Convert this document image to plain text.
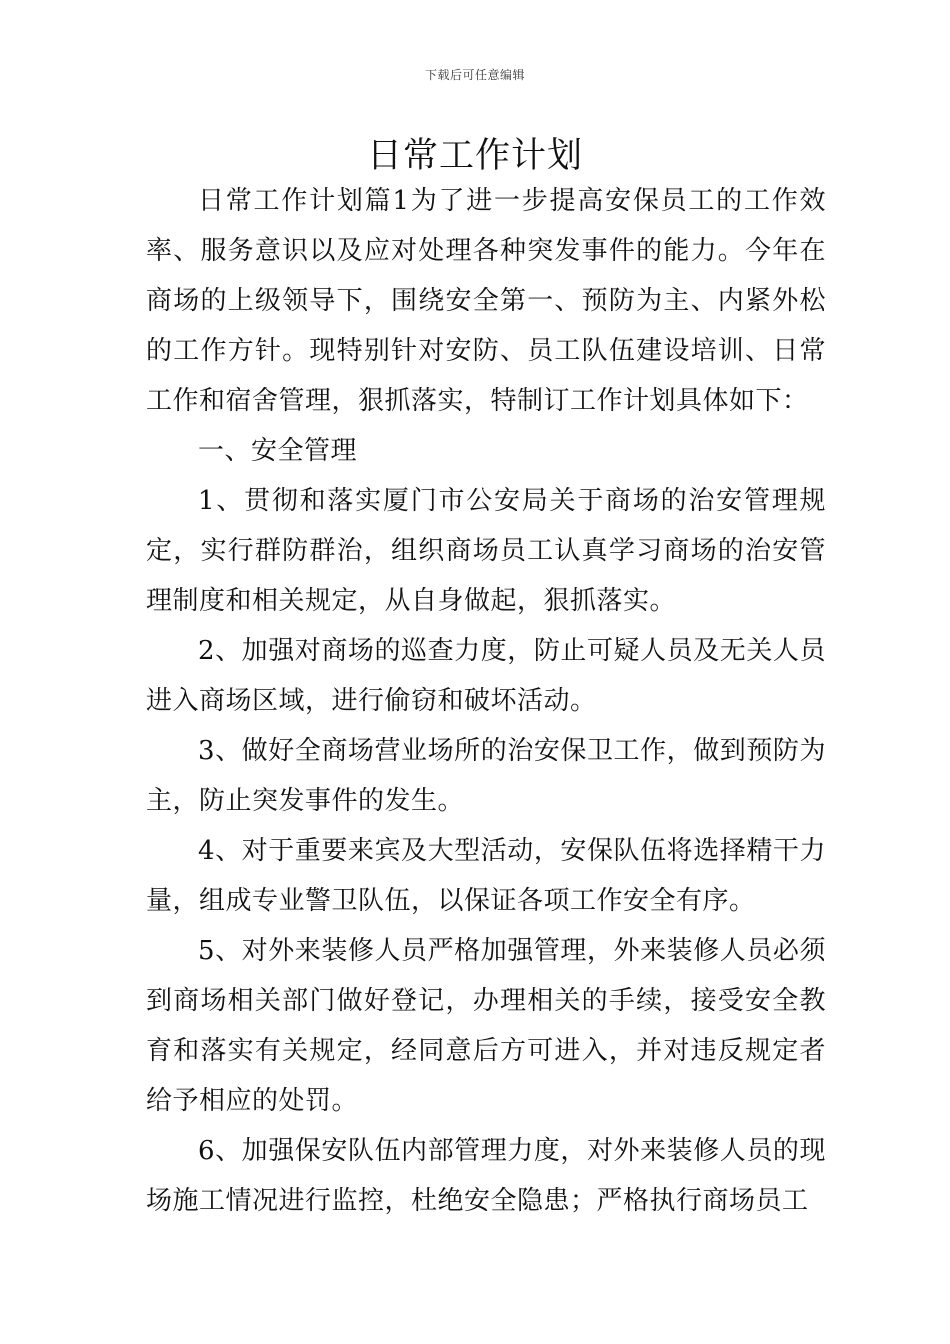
下载后可任意编辑
日常工作计划

日常工作计划篇1为了进一步提高安保员工的工作效率、服务意识以及应对处理各种突发事件的能力。今年在商场的上级领导下，围绕安全第一、预防为主、内紧外松的工作方针。现特别针对安防、员工队伍建设培训、日常工作和宿舍管理，狠抓落实，特制订工作计划具体如下：

一、安全管理

1、贯彻和落实厦门市公安局关于商场的治安管理规定，实行群防群治，组织商场员工认真学习商场的治安管理制度和相关规定，从自身做起，狠抓落实。

2、加强对商场的巡查力度，防止可疑人员及无关人员进入商场区域，进行偷窃和破坏活动。

3、做好全商场营业场所的治安保卫工作，做到预防为主，防止突发事件的发生。

4、对于重要来宾及大型活动，安保队伍将选择精干力量，组成专业警卫队伍，以保证各项工作安全有序。

5、对外来装修人员严格加强管理，外来装修人员必须到商场相关部门做好登记，办理相关的手续，接受安全教育和落实有关规定，经同意后方可进入，并对违反规定者给予相应的处罚。

6、加强保安队伍内部管理力度，对外来装修人员的现场施工情况进行监控，杜绝安全隐患；严格执行商场员工
